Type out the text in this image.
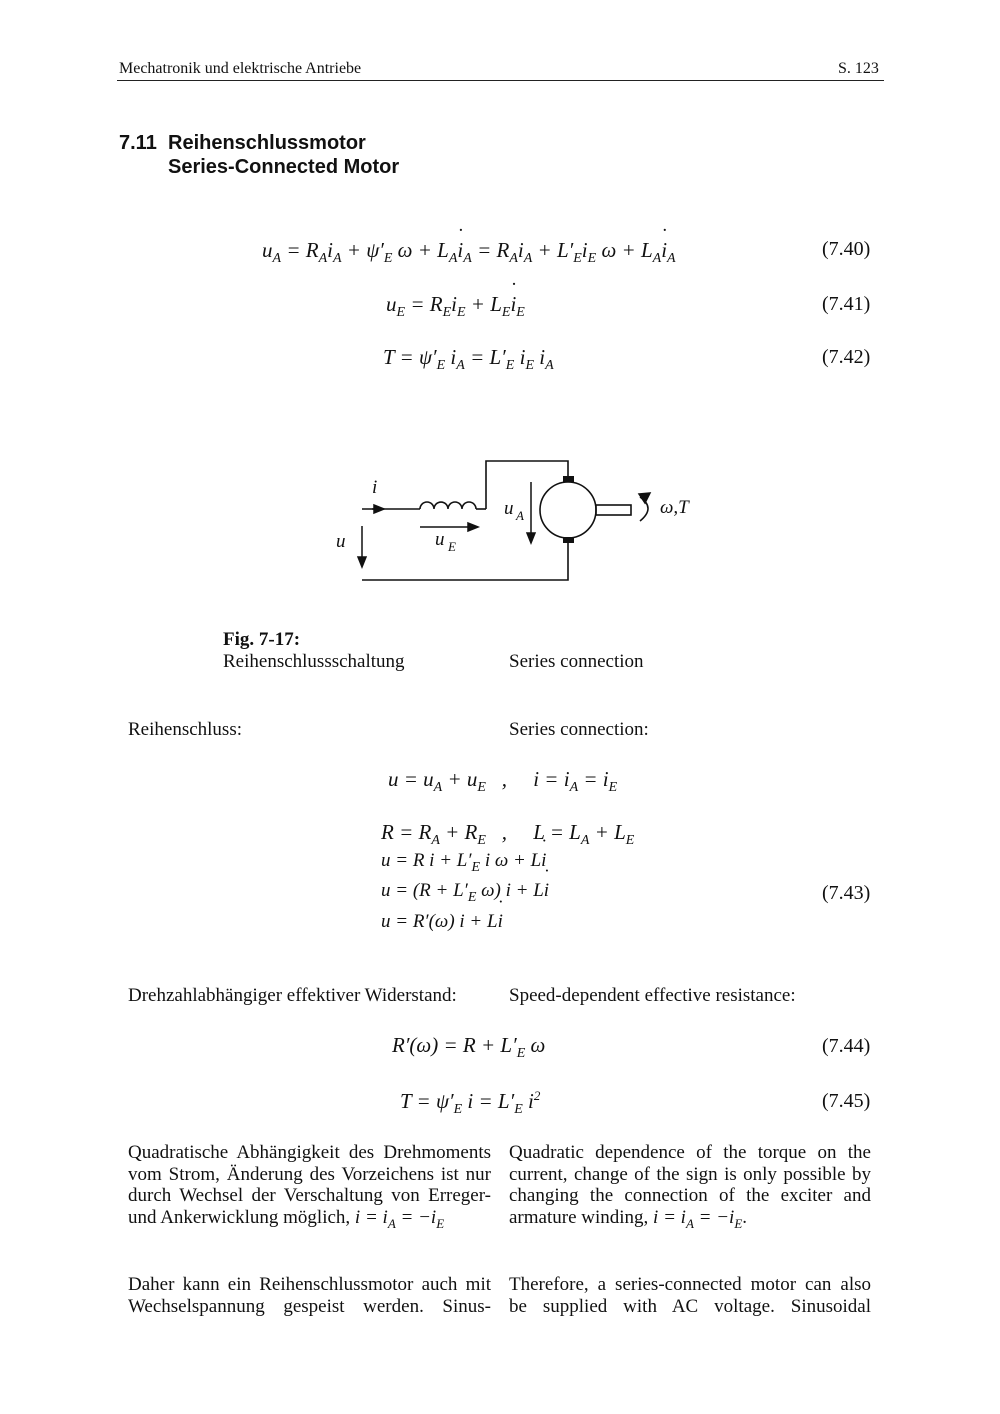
Mechatronik und elektrische Antriebe	S. 123
7.11 Reihenschlussmotor
Series-Connected Motor
$u_A = R_Ai_A + \psi'_E$ $\omega + L_A˙$ $i_A = R_Ai_A + L'_Ei_E$ $\omega + L_A˙$ $i_A$	(7.40)
$u_E = R_Ei_E$ + $L_E˙$ $i_E$	(7.41)
$T = \psi'_E$ $i_A = L'_E$ $i_E$ $i_A$	(7.42)
i
u	u E
u A	ω,T
Fig. 7-17:
Reihenschlussschaltung	Series connection
Reihenschluss:	Series connection:
$u = u_A + u_E$   ,     $i = i_A = i_E$
$R = R_A + R_E$   ,     $L = L_A + L_E$
u = R $i + L'_E$ i ω + L˙ i
$u = (R + L'_E$ ω) i + L˙ i
u = R′(ω) i + L˙ i
(7.43)
Drehzahlabhängiger effektiver Widerstand:	Speed-dependent effective resistance:
$R'(\omega) = R + L'_E$ ω	(7.44)
$T = \psi'_E$ $i = L'_E$ $i^2$	(7.45)
Quadratische Abhängigkeit des Drehmoments vom Strom, Änderung des Vorzeichens ist nur durch Wechsel der Verschaltung von Erreger- und Ankerwicklung möglich, $i = i_A = -i_E$
Quadratic dependence of the torque on the current, change of the sign is only possible by changing the connection of the exciter and armature winding, $i = i_A = -i_E$.
Daher kann ein Reihenschlussmotor auch mit Wechselspannung gespeist werden. Sinus-
Therefore, a series-connected motor can also be supplied with AC voltage. Sinusoidal
